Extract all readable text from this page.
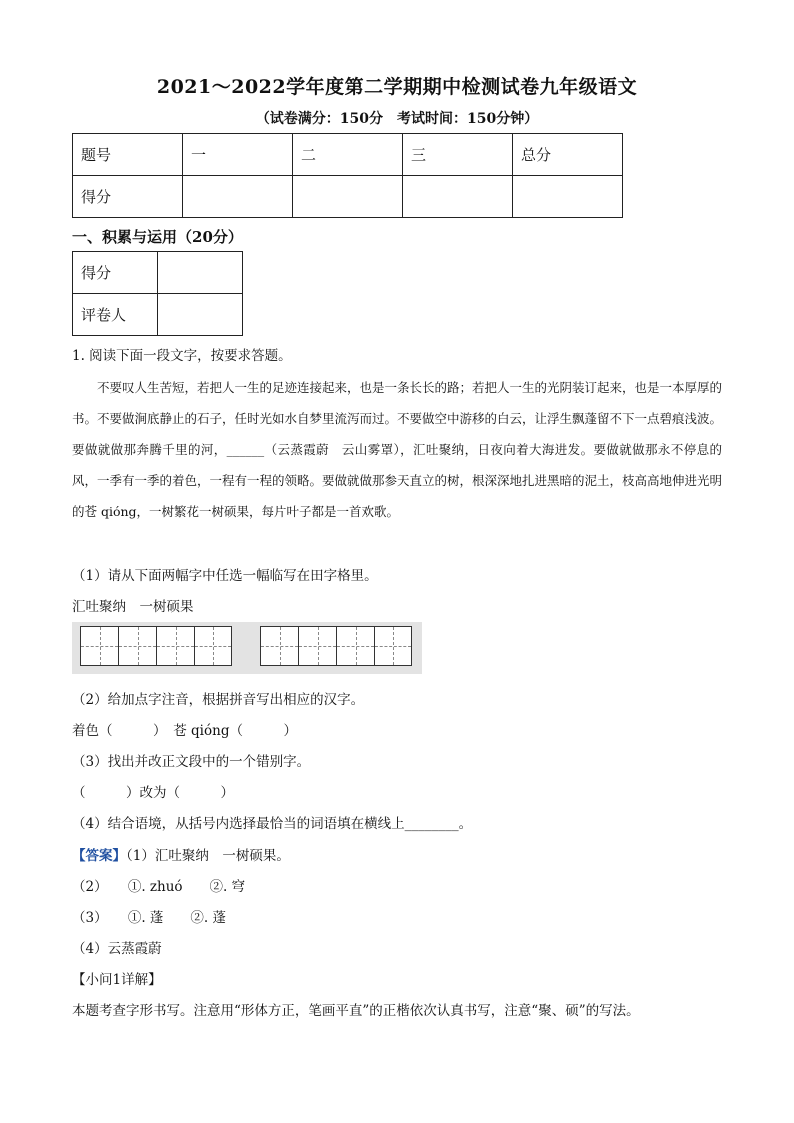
2021～2022学年度第二学期期中检测试卷九年级语文
（试卷满分：150分　考试时间：150分钟）
题号	一	二	三	总分
得分				
一、积累与运用（20分）
得分	
评卷人	
1. 阅读下面一段文字，按要求答题。

不要叹人生苦短，若把人一生的足迹连接起来，也是一条长长的路；若把人一生的光阴装订起来，也是一本厚厚的书。不要做涧底静止的石子，任时光如水自梦里流泻而过。不要做空中游移的白云，让浮生飘蓬留不下一点碧痕浅波。要做就做那奔腾千里的河，______（云蒸霞蔚　云山雾罩），汇吐聚纳，日夜向着大海进发。要做就做那永不停息的风，一季有一季的着色，一程有一程的领略。要做就做那参天直立的树，根深深地扎进黑暗的泥土，枝高高地伸进光明的苍 qióng，一树繁花一树硕果，每片叶子都是一首欢歌。

（1）请从下面两幅字中任选一幅临写在田字格里。
汇吐聚纳　一树硕果
（2）给加点字注音，根据拼音写出相应的汉字。
着色（　　　）　苍 qióng（　　　）
（3）找出并改正文段中的一个错别字。
（　　　）改为（　　　）
（4）结合语境，从括号内选择最恰当的词语填在横线上________。
【答案】（1）汇吐聚纳　一树硕果。
（2）　　①. zhuó　　②. 穹
（3）　　①. 蓬　　②. 蓬
（4）云蒸霞蔚
【小问1详解】
本题考查字形书写。注意用“形体方正，笔画平直”的正楷依次认真书写，注意“聚、硕”的写法。
